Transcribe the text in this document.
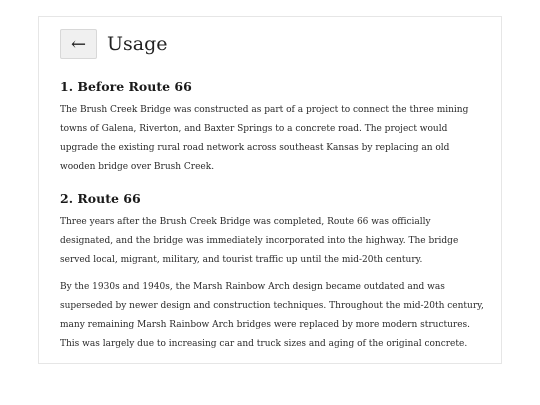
← Usage
1. Before Route 66

The Brush Creek Bridge was constructed as part of a project to connect the three mining towns of Galena, Riverton, and Baxter Springs to a concrete road. The project would upgrade the existing rural road network across southeast Kansas by replacing an old wooden bridge over Brush Creek.

2. Route 66

Three years after the Brush Creek Bridge was completed, Route 66 was officially designated, and the bridge was immediately incorporated into the highway. The bridge served local, migrant, military, and tourist traffic up until the mid-20th century.

By the 1930s and 1940s, the Marsh Rainbow Arch design became outdated and was superseded by newer design and construction techniques. Throughout the mid-20th century, many remaining Marsh Rainbow Arch bridges were replaced by more modern structures. This was largely due to increasing car and truck sizes and aging of the original concrete.
